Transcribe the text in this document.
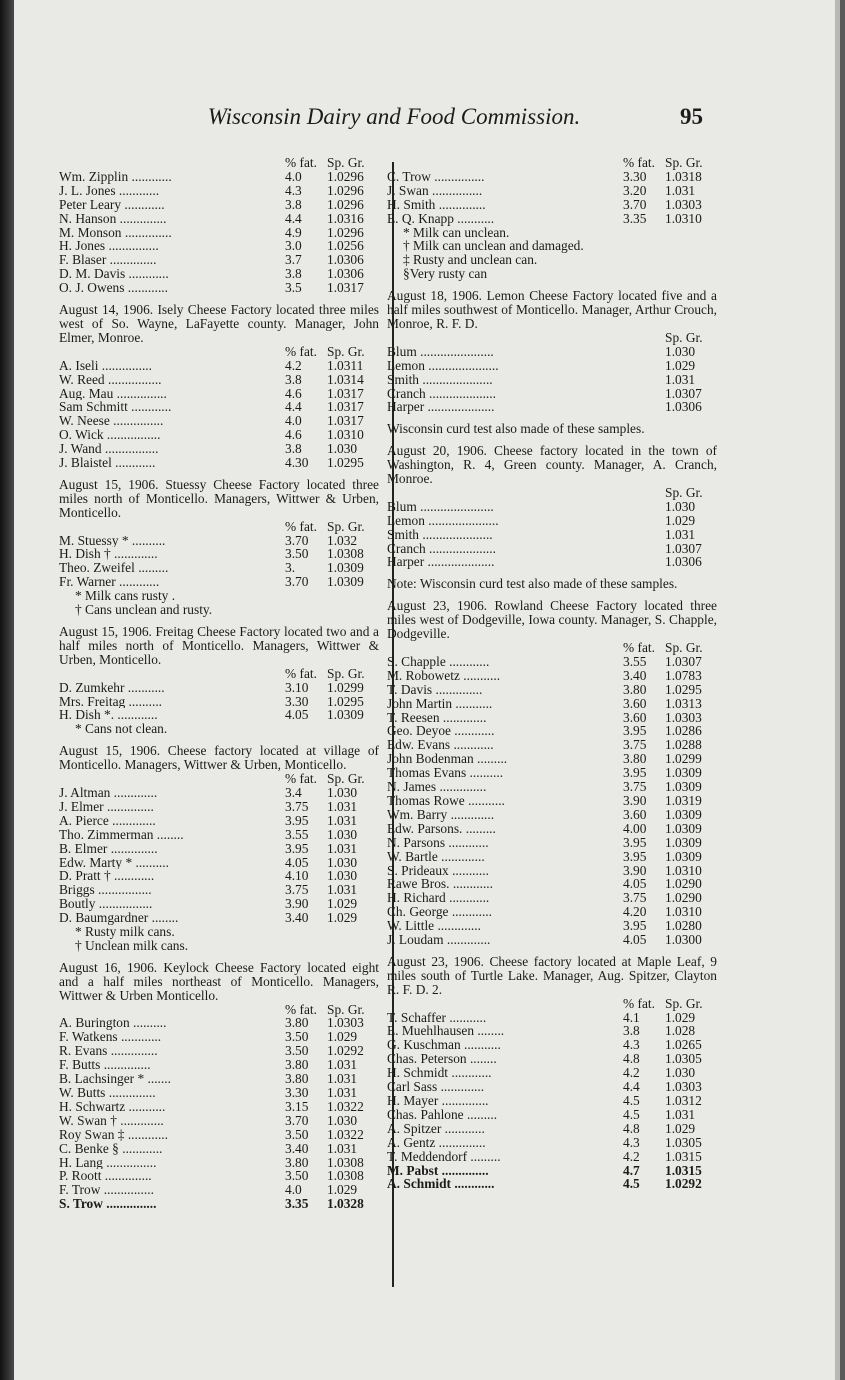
Wisconsin Dairy and Food Commission.	95
% fat. Sp. Gr.
Wm. Zipplin ............	4.0	1.0296
J. L. Jones ............	4.3	1.0296
Peter Leary ............	3.8	1.0296
N. Hanson ..............	4.4	1.0316
M. Monson ..............	4.9	1.0296
H. Jones ...............	3.0	1.0256
F. Blaser ..............	3.7	1.0306
D. M. Davis ............	3.8	1.0306
O. J. Owens ............	3.5	1.0317
August 14, 1906. Isely Cheese Factory located three miles west of So. Wayne, LaFayette county. Manager, John Elmer, Monroe.
% fat. Sp. Gr.
A. Iseli ...............	4.2	1.0311
W. Reed ................	3.8	1.0314
Aug. Mau ...............	4.6	1.0317
Sam Schmitt ............	4.4	1.0317
W. Neese ...............	4.0	1.0317
O. Wick ................	4.6	1.0310
J. Wand ................	3.8	1.030
J. Blaistel ............	4.30	1.0295
August 15, 1906. Stuessy Cheese Factory located three miles north of Monticello. Managers, Wittwer & Urben, Monticello.
% fat. Sp. Gr.
M. Stuessy * ..........	3.70	1.032
H. Dish † .............	3.50	1.0308
Theo. Zweifel .........	3.	1.0309
Fr. Warner ............	3.70	1.0309
* Milk cans rusty .
† Cans unclean and rusty.
August 15, 1906. Freitag Cheese Factory located two and a half miles north of Monticello. Managers, Wittwer & Urben, Monticello.
% fat. Sp. Gr.
D. Zumkehr ...........	3.10	1.0299
Mrs. Freitag ..........	3.30	1.0295
H. Dish *. ............	4.05	1.0309
* Cans not clean.
August 15, 1906. Cheese factory located at village of Monticello. Managers, Wittwer & Urben, Monticello.
% fat. Sp. Gr.
J. Altman .............	3.4	1.030
J. Elmer ..............	3.75	1.031
A. Pierce .............	3.95	1.031
Tho. Zimmerman ........	3.55	1.030
B. Elmer ..............	3.95	1.031
Edw. Marty * ..........	4.05	1.030
D. Pratt † ............	4.10	1.030
Briggs ................	3.75	1.031
Boutly ................	3.90	1.029
D. Baumgardner ........	3.40	1.029
* Rusty milk cans.
† Unclean milk cans.
August 16, 1906. Keylock Cheese Factory located eight and a half miles northeast of Monticello. Managers, Wittwer & Urben Monticello.
% fat. Sp. Gr.
A. Burington ..........	3.80	1.0303
F. Watkens ............	3.50	1.029
R. Evans ..............	3.50	1.0292
F. Butts ..............	3.80	1.031
B. Lachsinger * .......	3.80	1.031
W. Butts ..............	3.30	1.031
H. Schwartz ...........	3.15	1.0322
W. Swan † .............	3.70	1.030
Roy Swan ‡ ............	3.50	1.0322
C. Benke § ............	3.40	1.031
H. Lang ...............	3.80	1.0308
P. Roott ..............	3.50	1.0308
F. Trow ...............	4.0	1.029
S. Trow ...............	3.35	1.0328
% fat. Sp. Gr.
C. Trow ...............	3.30	1.0318
J. Swan ...............	3.20	1.031
H. Smith ..............	3.70	1.0303
E. Q. Knapp ...........	3.35	1.0310
* Milk can unclean.
† Milk can unclean and damaged.
‡ Rusty and unclean can.
§Very rusty can
August 18, 1906. Lemon Cheese Factory located five and a half miles southwest of Monticello. Manager, Arthur Crouch, Monroe, R. F. D.
Sp. Gr.
Blum ......................	1.030
Lemon .....................	1.029
Smith .....................	1.031
Cranch ....................	1.0307
Harper ....................	1.0306
Wisconsin curd test also made of these samples.
August 20, 1906. Cheese factory located in the town of Washington, R. 4, Green county. Manager, A. Cranch, Monroe.
Sp. Gr.
Blum ......................	1.030
Lemon .....................	1.029
Smith .....................	1.031
Cranch ....................	1.0307
Harper ....................	1.0306
Note: Wisconsin curd test also made of these samples.
August 23, 1906. Rowland Cheese Factory located three miles west of Dodgeville, Iowa county. Manager, S. Chapple, Dodgeville.
% fat. Sp. Gr.
S. Chapple ............	3.55	1.0307
M. Robowetz ...........	3.40	1.0783
T. Davis ..............	3.80	1.0295
John Martin ...........	3.60	1.0313
T. Reesen .............	3.60	1.0303
Geo. Deyoe ............	3.95	1.0286
Edw. Evans ............	3.75	1.0288
John Bodenman .........	3.80	1.0299
Thomas Evans ..........	3.95	1.0309
N. James ..............	3.75	1.0309
Thomas Rowe ...........	3.90	1.0319
Wm. Barry .............	3.60	1.0309
Edw. Parsons. .........	4.00	1.0309
N. Parsons ............	3.95	1.0309
W. Bartle .............	3.95	1.0309
S. Prideaux ...........	3.90	1.0310
Rawe Bros. ............	4.05	1.0290
H. Richard ............	3.75	1.0290
Ch. George ............	4.20	1.0310
W. Little .............	3.95	1.0280
J. Loudam .............	4.05	1.0300
August 23, 1906. Cheese factory located at Maple Leaf, 9 miles south of Turtle Lake. Manager, Aug. Spitzer, Clayton R. F. D. 2.
% fat. Sp. Gr.
T. Schaffer ...........	4.1	1.029
E. Muehlhausen ........	3.8	1.028
G. Kuschman ...........	4.3	1.0265
Chas. Peterson ........	4.8	1.0305
H. Schmidt ............	4.2	1.030
Carl Sass .............	4.4	1.0303
H. Mayer ..............	4.5	1.0312
Chas. Pahlone .........	4.5	1.031
A. Spitzer ............	4.8	1.029
A. Gentz ..............	4.3	1.0305
T. Meddendorf .........	4.2	1.0315
M. Pabst ..............	4.7	1.0315
A. Schmidt ............	4.5	1.0292
